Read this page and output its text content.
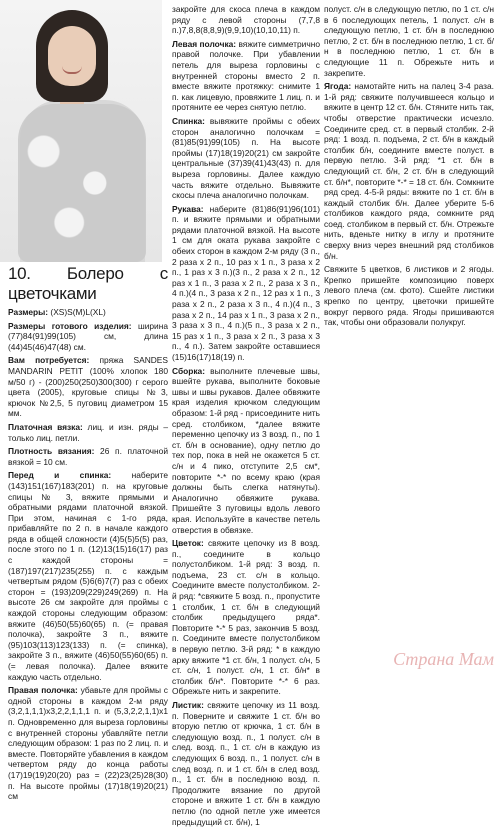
10. Болеро с цветочками

Размеры: (XS)S(M)L(XL)

Размеры готового изделия: ширина (77)84(91)99(105) см, длина (44)45(46)47(48) см.

Вам потребуется: пряжа SANDES MANDARIN PETIT (100% хлопок 180 м/50 г) - (200)250(250)300(300) г серого цвета (2005), круговые спицы №3, крючок №2,5, 5 пуговиц диаметром 15 мм.

Платочная вязка: лиц. и изн. ряды – только лиц. петли.

Плотность вязания: 26 п. платочной вязкой = 10 см.

Перед и спинка: наберите (143)151(167)183(201) п. на круговые спицы № 3, вяжите прямыми и обратными рядами платочной вязкой. При этом, начиная с 1-го ряда, прибавляйте по 2 п. в начале каждого ряда в общей сложности (4)5(5)5(5) раз, после этого по 1 п. (12)13(15)16(17) раз с каждой стороны = (187)197(217)235(255) п. с каждым четвертым рядом (5)6(6)7(7) раз с обеих сторон = (193)209(229)249(269) п. На высоте 26 см закройте для проймы с каждой стороны следующим образом: вяжите (46)50(55)60(65) п. (= правая полочка), закройте 3 п., вяжите (95)103(113)123(133) п. (= спинка), закройте 3 п., вяжите (46)50(55)60(65) п. (= левая полочка). Далее вяжите каждую часть отдельно.

Правая полочка: убавьте для проймы с одной стороны в каждом 2-м ряду (3,2,1,1,1)х3,2,2,1,1,1 п. и (5,3,2,2,1,1)х1 п. Одновременно для выреза горловины с внутренней стороны убавляйте петли следующим образом: 1 раз по 2 лиц. п. и вместе. Повторяйте убавления в каждом четвертом ряду до конца работы (17)19(19)20(20) раз = (22)23(25)28(30) п. На высоте проймы (17)18(19)20(21) см

закройте для скоса плеча в каждом ряду с левой стороны (7,7,8 п.)7,8,8(8,8,9)(9,9,10)(10,10,11) п.

Левая полочка: вяжите симметрично правой полочке. При убавлении петель для выреза горловины с внутренней стороны вместо 2 п. вместе вяжите протяжку: снимите 1 п. как лицевую, провяжите 1 лиц. п. и протяните ее через снятую петлю.

Спинка: вывяжите проймы с обеих сторон аналогично полочкам = (81)85(91)99(105) п. На высоте проймы (17)18(19)20(21) см закройте центральные (37)39(41)43(43) п. для выреза горловины. Далее каждую часть вяжите отдельно. Вывяжите скосы плеча аналогично полочкам.

Рукава: наберите (81)86(91)96(101) п. и вяжите прямыми и обратными рядами платочной вязкой. На высоте 1 см для оката рукава закройте с обеих сторон в каждом 2-м ряду (3 п., 2 раза х 2 п., 10 раз х 1 п., 3 раза х 2 п., 1 раз х 3 п.)(3 п., 2 раза х 2 п., 12 раз х 1 п., 3 раза х 2 п., 2 раза х 3 п., 4 п.)(4 п., 3 раза х 2 п., 12 раз х 1 п., 3 раза х 2 п., 2 раза х 3 п., 4 п.)(4 п., 3 раза х 2 п., 14 раз х 1 п., 3 раза х 2 п., 3 раза х 3 п., 4 п.)(5 п., 3 раза х 2 п., 15 раз х 1 п., 3 раза х 2 п., 3 раза х 3 п., 4 п.). Затем закройте оставшиеся (15)16(17)18(19) п.

Сборка: выполните плечевые швы, вшейте рукава, выполните боковые швы и швы рукавов. Далее обвяжите края изделия крючком следующим образом: 1-й ряд - присоедините нить сред. столбиком, *далее вяжите переменно цепочку из 3 возд. п., по 1 ст. б/н в основание), одну петлю до тех пор, пока в ней не окажется 5 ст. с/н и 4 пико, отступите 2,5 см*, повторите *-* по всему краю (края должны быть слегка натянуты). Аналогично обвяжите рукава. Пришейте 3 пуговицы вдоль левого края. Используйте в качестве петель отверстия в обвязке.

Цветок: свяжите цепочку из 8 возд. п., соедините в кольцо полустолбиком. 1-й ряд: 3 возд. п. подъема, 23 ст. с/н в кольцо. Соедините вместе полустолбиком. 2-й ряд: *свяжите 5 возд. п., пропустите 1 столбик, 1 ст. б/н в следующий столбик предыдущего ряда*. Повторите *-* 5 раз, закончив 5 возд. п. Соедините вместе полустолбиком в первую петлю. 3-й ряд: * в каждую арку вяжите *1 ст. б/н, 1 полуст. с/н, 5 ст. с/н, 1 полуст. с/н, 1 ст. б/н* в столбик б/н*. Повторите *-* 6 раз. Обрежьте нить и закрепите.

Листик: свяжите цепочку из 11 возд. п. Поверните и свяжите 1 ст. б/н во вторую петлю от крючка, 1 ст. б/н в следующую возд. п., 1 полуст. с/н в след. возд. п., 1 ст. с/н в каждую из следующих 6 возд. п., 1 полуст. с/н в след возд. п. и 1 ст. б/н в след возд. п., 1 ст. б/н в последнюю возд. п. Продолжите вязание по другой стороне и вяжите 1 ст. б/н в каждую петлю (по одной петле уже имеется предыдущий ст. б/н), 1

полуст. с/н в следующую петлю, по 1 ст. с/н в 6 последующих петель, 1 полуст. с/н в следующую петлю, 1 ст. б/н в последнюю петлю, 2 ст. б/н в последнюю петлю, 1 ст. б/н в последнюю петлю, 1 ст. б/н в следующие 11 п. Обрежьте нить и закрепите.

Ягода: намотайте нить на палец 3-4 раза. 1-й ряд: свяжите получившееся кольцо и вяжите в центр 12 ст. б/н. Стяните нить так, чтобы отверстие практически исчезло. Соедините сред. ст. в первый столбик. 2-й ряд: 1 возд. п. подъема, 2 ст. б/н в каждый столбик б/н, соедините вместе полуст. в первую петлю. 3-й ряд: *1 ст. б/н в следующий ст. б/н, 2 ст. б/н в следующий ст. б/н*, повторите *-* = 18 ст. б/н. Сомкните ряд сред. 4-5-й ряды: вяжите по 1 ст. б/н в каждый столбик б/н. Далее уберите 5-6 столбиков каждого ряда, сомкните ряд соед. столбиком в первый ст. б/н. Отрежьте нить, вденьте нитку в иглу и протяните сверху вниз через внешний ряд столбиков б/н.

Свяжите 5 цветков, 6 листиков и 2 ягоды. Крепко пришейте композицию поверх левого плеча (см. фото). Сшейте листики крепко по центру, цветочки пришейте вокруг первого ряда. Ягоды пришиваются так, чтобы они образовали полукруг.

Страна Мам
